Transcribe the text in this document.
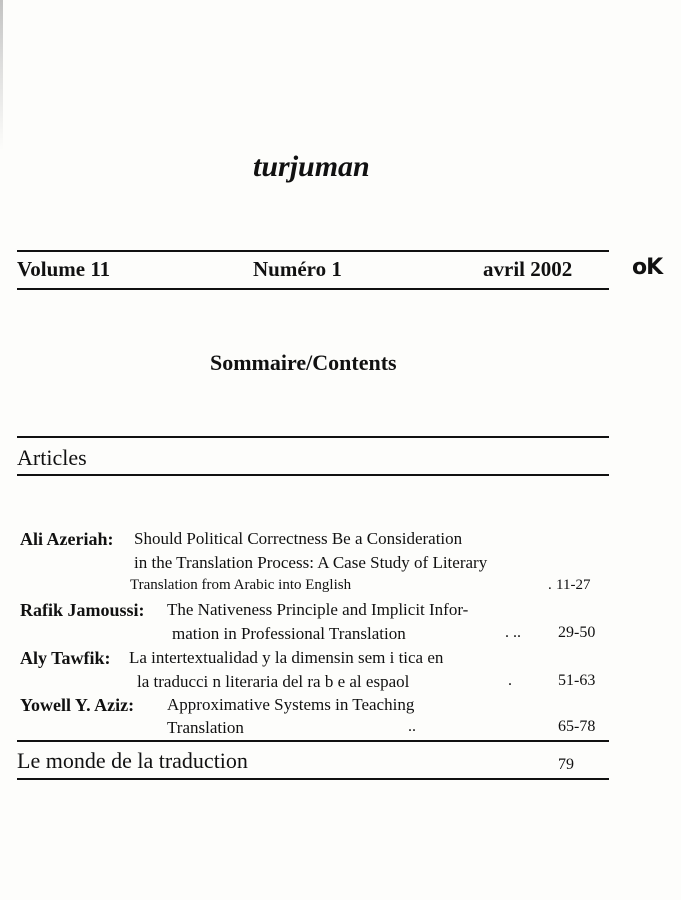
turjuman
Volume 11	Numéro 1	avril 2002	oK
Sommaire/Contents
Articles
Ali Azeriah: Should Political Correctness Be a Consideration
in the Translation Process: A Case Study of Literary
Translation from Arabic into English	. 11-27
Rafik Jamoussi: The Nativeness Principle and Implicit Infor-
mation in Professional Translation	. .. 29-50
Aly Tawfik: La intertextualidad y la dimensin sem i tica en
la traducci n literaria del ra b e al espaol	.	51-63
Yowell Y. Aziz: Approximative Systems in Teaching
Translation	..	65-78
Le monde de la traduction	79
